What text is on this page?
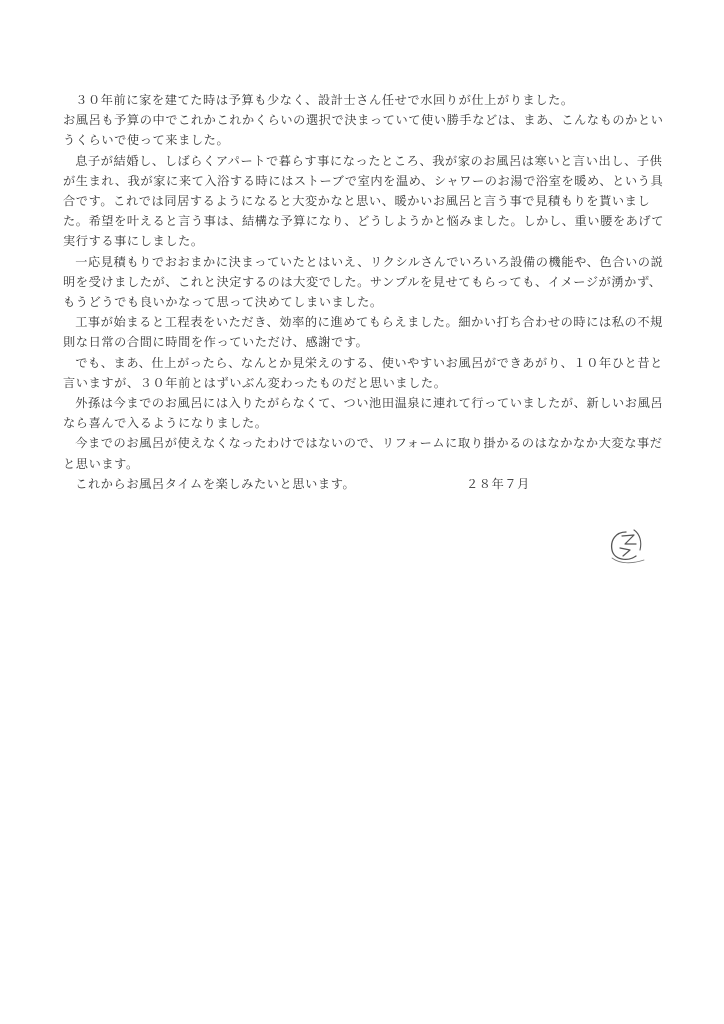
３０年前に家を建てた時は予算も少なく、設計士さん任せで水回りが仕上がりました。

お風呂も予算の中でこれかこれかくらいの選択で決まっていて使い勝手などは、まあ、こんなものかというくらいで使って来ました。

息子が結婚し、しばらくアパートで暮らす事になったところ、我が家のお風呂は寒いと言い出し、子供が生まれ、我が家に来て入浴する時にはストーブで室内を温め、シャワーのお湯で浴室を暖め、という具合です。これでは同居するようになると大変かなと思い、暖かいお風呂と言う事で見積もりを貰いました。希望を叶えると言う事は、結構な予算になり、どうしようかと悩みました。しかし、重い腰をあげて実行する事にしました。

一応見積もりでおおまかに決まっていたとはいえ、リクシルさんでいろいろ設備の機能や、色合いの説明を受けましたが、これと決定するのは大変でした。サンプルを見せてもらっても、イメージが湧かず、もうどうでも良いかなって思って決めてしまいました。

工事が始まると工程表をいただき、効率的に進めてもらえました。細かい打ち合わせの時には私の不規則な日常の合間に時間を作っていただけ、感謝です。

でも、まあ、仕上がったら、なんとか見栄えのする、使いやすいお風呂ができあがり、１０年ひと昔と言いますが、３０年前とはずいぶん変わったものだと思いました。

外孫は今までのお風呂には入りたがらなくて、つい池田温泉に連れて行っていましたが、新しいお風呂なら喜んで入るようになりました。

今までのお風呂が使えなくなったわけではないので、リフォームに取り掛かるのはなかなか大変な事だと思います。

これからお風呂タイムを楽しみたいと思います。	２８年７月
